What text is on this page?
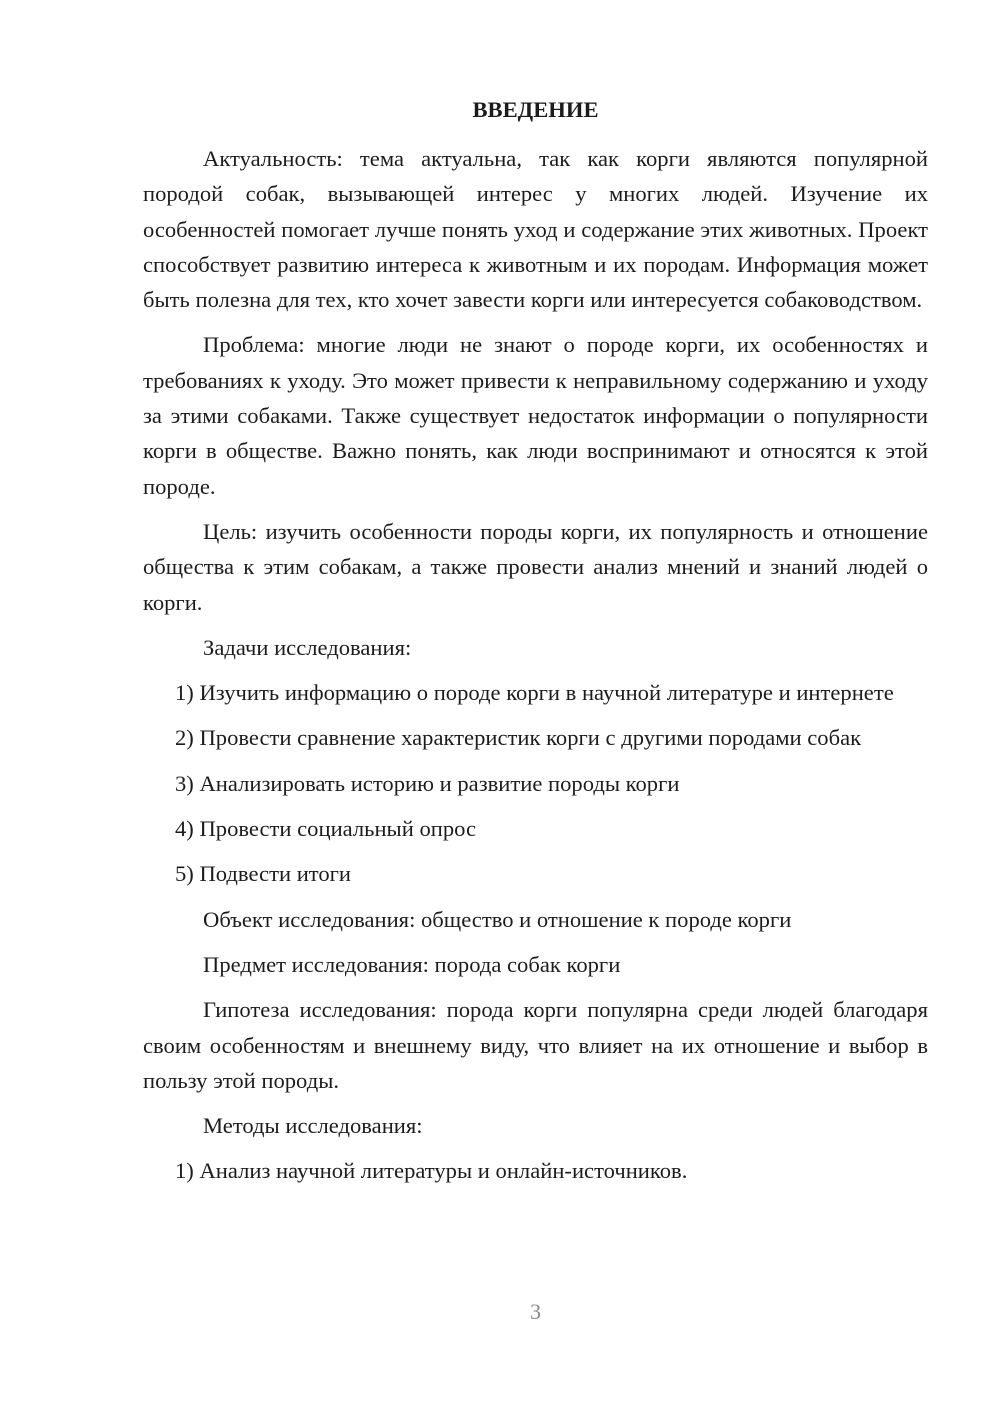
ВВЕДЕНИЕ

Актуальность: тема актуальна, так как корги являются популярной породой собак, вызывающей интерес у многих людей. Изучение их особенностей помогает лучше понять уход и содержание этих животных. Проект способствует развитию интереса к животным и их породам. Информация может быть полезна для тех, кто хочет завести корги или интересуется собаководством.

Проблема: многие люди не знают о породе корги, их особенностях и требованиях к уходу. Это может привести к неправильному содержанию и уходу за этими собаками. Также существует недостаток информации о популярности корги в обществе. Важно понять, как люди воспринимают и относятся к этой породе.

Цель: изучить особенности породы корги, их популярность и отношение общества к этим собакам, а также провести анализ мнений и знаний людей о корги.

Задачи исследования:

1) Изучить информацию о породе корги в научной литературе и интернете

2) Провести сравнение характеристик корги с другими породами собак

3) Анализировать историю и развитие породы корги

4) Провести социальный опрос

5) Подвести итоги

Объект исследования: общество и отношение к породе корги

Предмет исследования: порода собак корги

Гипотеза исследования: порода корги популярна среди людей благодаря своим особенностям и внешнему виду, что влияет на их отношение и выбор в пользу этой породы.

Методы исследования:

1) Анализ научной литературы и онлайн-источников.

3
